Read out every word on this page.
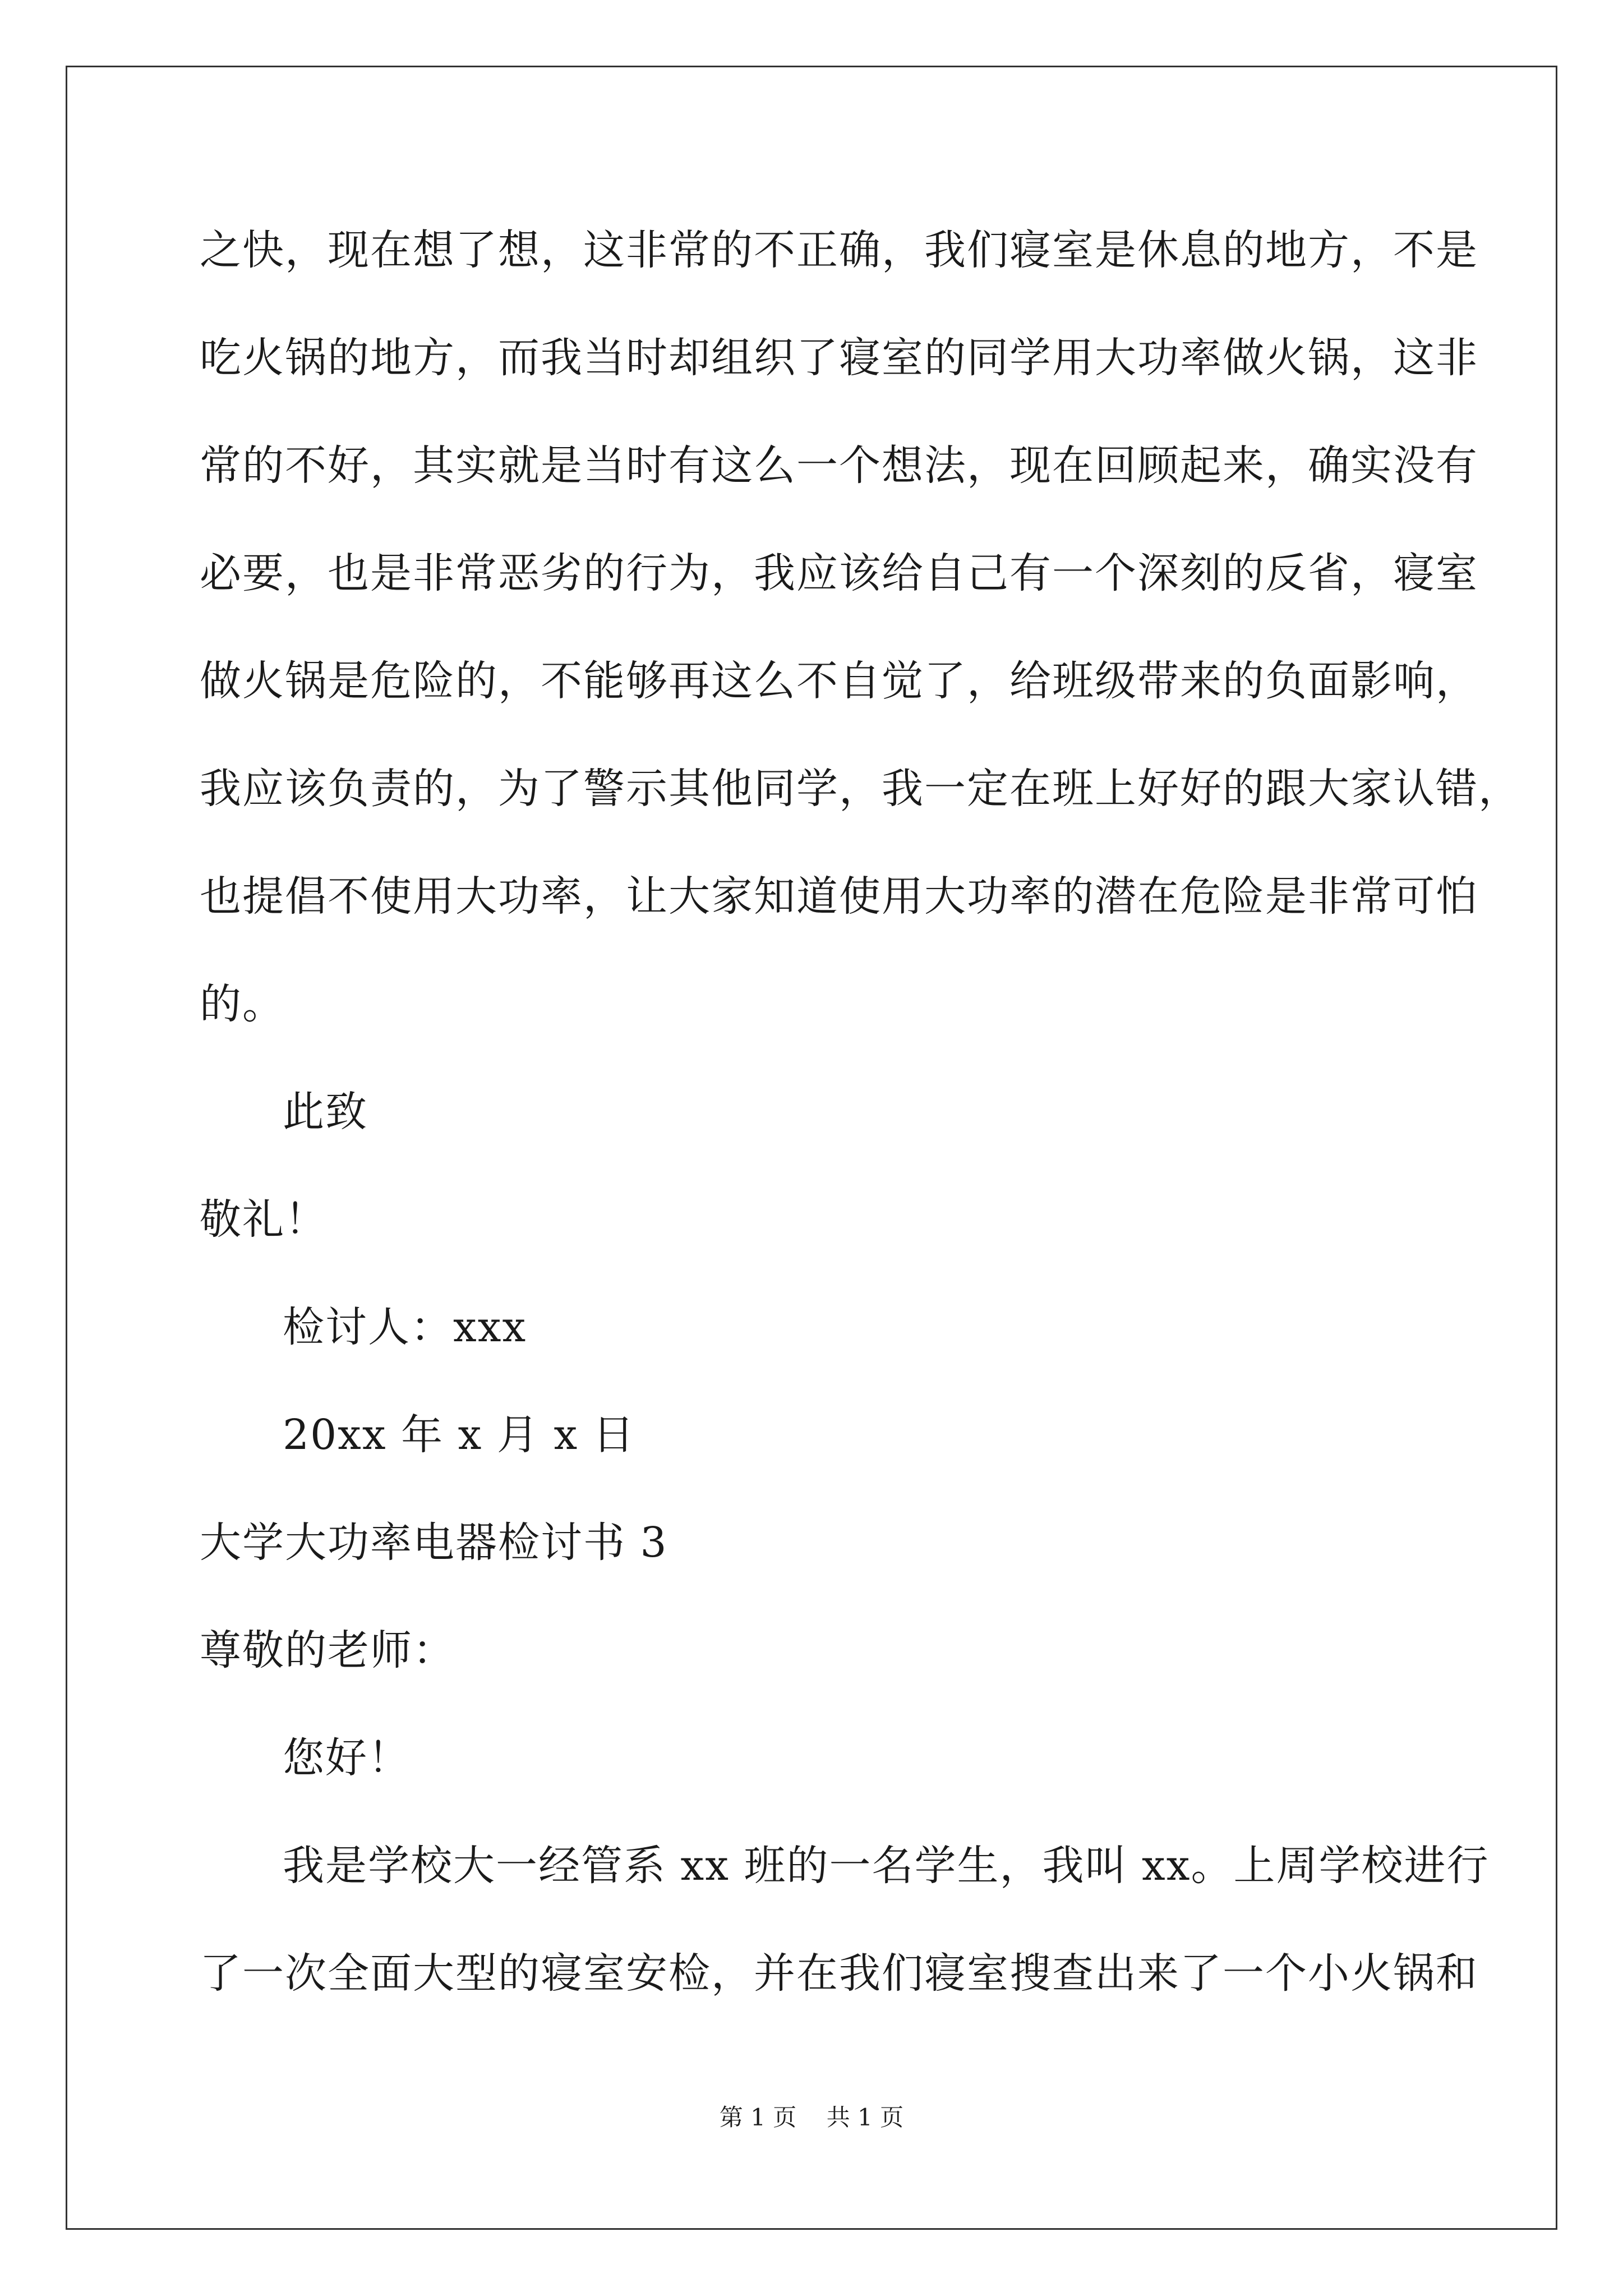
之快，现在想了想，这非常的不正确，我们寝室是休息的地方，不是
吃火锅的地方，而我当时却组织了寝室的同学用大功率做火锅，这非
常的不好，其实就是当时有这么一个想法，现在回顾起来，确实没有
必要，也是非常恶劣的行为，我应该给自己有一个深刻的反省，寝室
做火锅是危险的，不能够再这么不自觉了，给班级带来的负面影响，
我应该负责的，为了警示其他同学，我一定在班上好好的跟大家认错，
也提倡不使用大功率，让大家知道使用大功率的潜在危险是非常可怕
的。
此致
敬礼！
检讨人：xxx
20xx 年 x 月 x 日
大学大功率电器检讨书 3
尊敬的老师：
您好！
我是学校大一经管系 xx 班的一名学生，我叫 xx。上周学校进行
了一次全面大型的寝室安检，并在我们寝室搜查出来了一个小火锅和
第 1 页    共 1 页
